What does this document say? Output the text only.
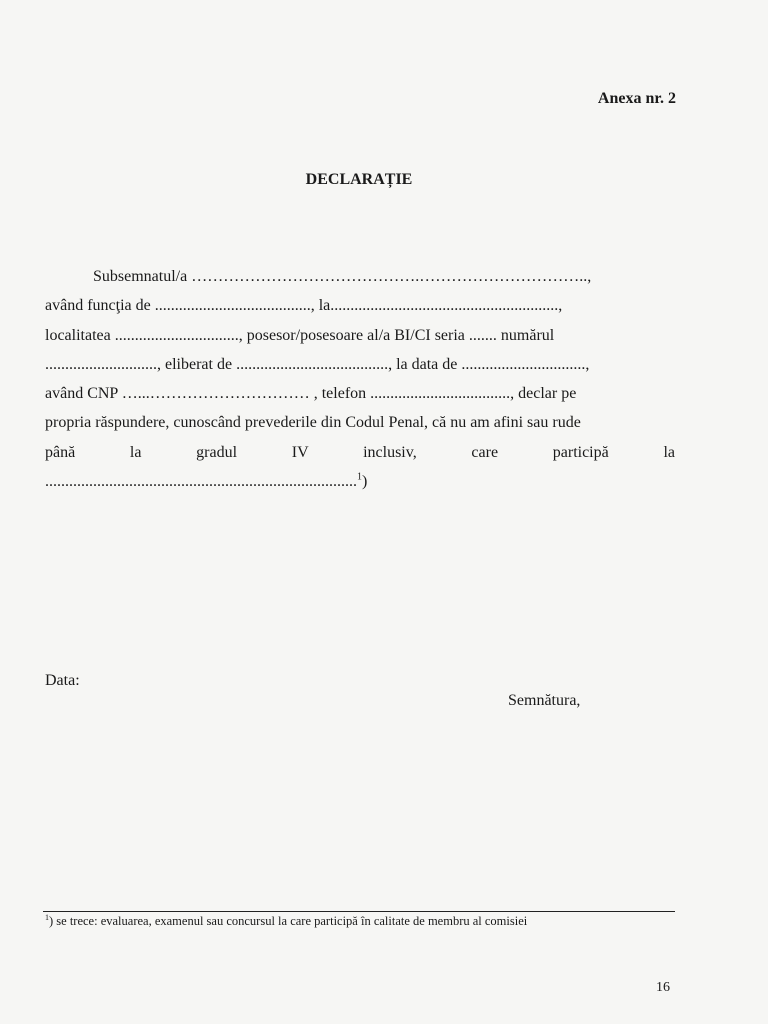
Anexa nr. 2
DECLARAȚIE
Subsemnatul/a …………………………………….…………………………..,
având funcţia de ......................................., la.........................................................,
localitatea ..............................., posesor/posesoare al/a BI/CI seria ....... numărul
............................, eliberat de ......................................, la data de ...............................,
având CNP …...………………………… , telefon ..................................., declar pe
propria răspundere, cunoscând prevederile din Codul Penal, că nu am afini sau rude
până la gradul IV inclusiv, care participă la
..............................................................................$^1$)
Data:
Semnătura,
$^1$) se trece: evaluarea, examenul sau concursul la care participă în calitate de membru al comisiei
16
